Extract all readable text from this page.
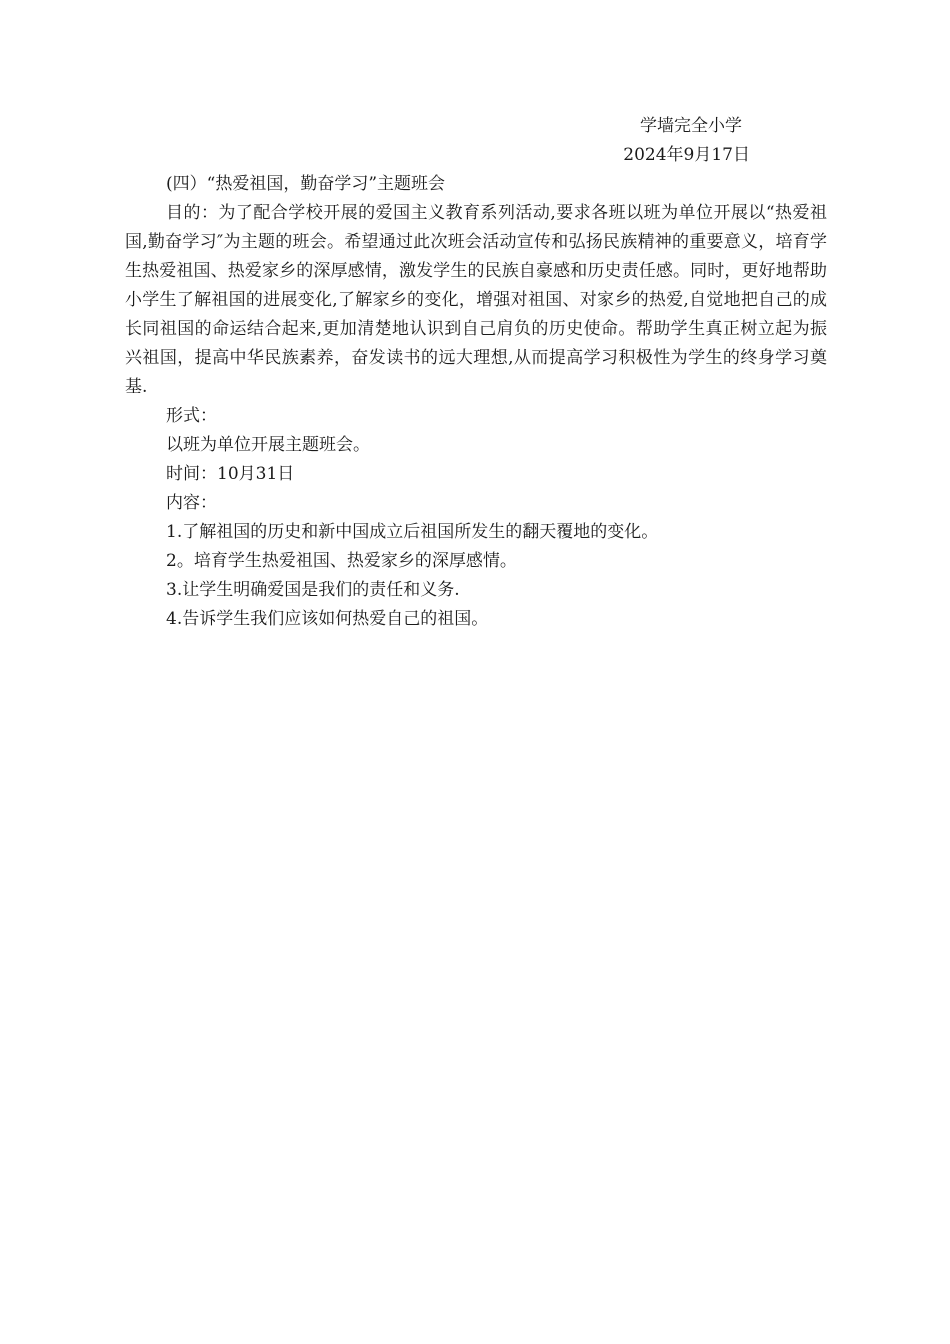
学墙完全小学
2024年9月17日

(四）“热爱祖国，勤奋学习”主题班会

目的：为了配合学校开展的爱国主义教育系列活动,要求各班以班为单位开展以“热爱祖国,勤奋学习″为主题的班会。希望通过此次班会活动宣传和弘扬民族精神的重要意义，培育学生热爱祖国、热爱家乡的深厚感情，激发学生的民族自豪感和历史责任感。同时，更好地帮助小学生了解祖国的进展变化,了解家乡的变化，增强对祖国、对家乡的热爱,自觉地把自己的成长同祖国的命运结合起来,更加清楚地认识到自己肩负的历史使命。帮助学生真正树立起为振兴祖国，提高中华民族素养，奋发读书的远大理想,从而提高学习积极性为学生的终身学习奠基.

形式：

以班为单位开展主题班会。

时间：10月31日

内容：

1.了解祖国的历史和新中国成立后祖国所发生的翻天覆地的变化。

2。培育学生热爱祖国、热爱家乡的深厚感情。

3.让学生明确爱国是我们的责任和义务.

4.告诉学生我们应该如何热爱自己的祖国。
